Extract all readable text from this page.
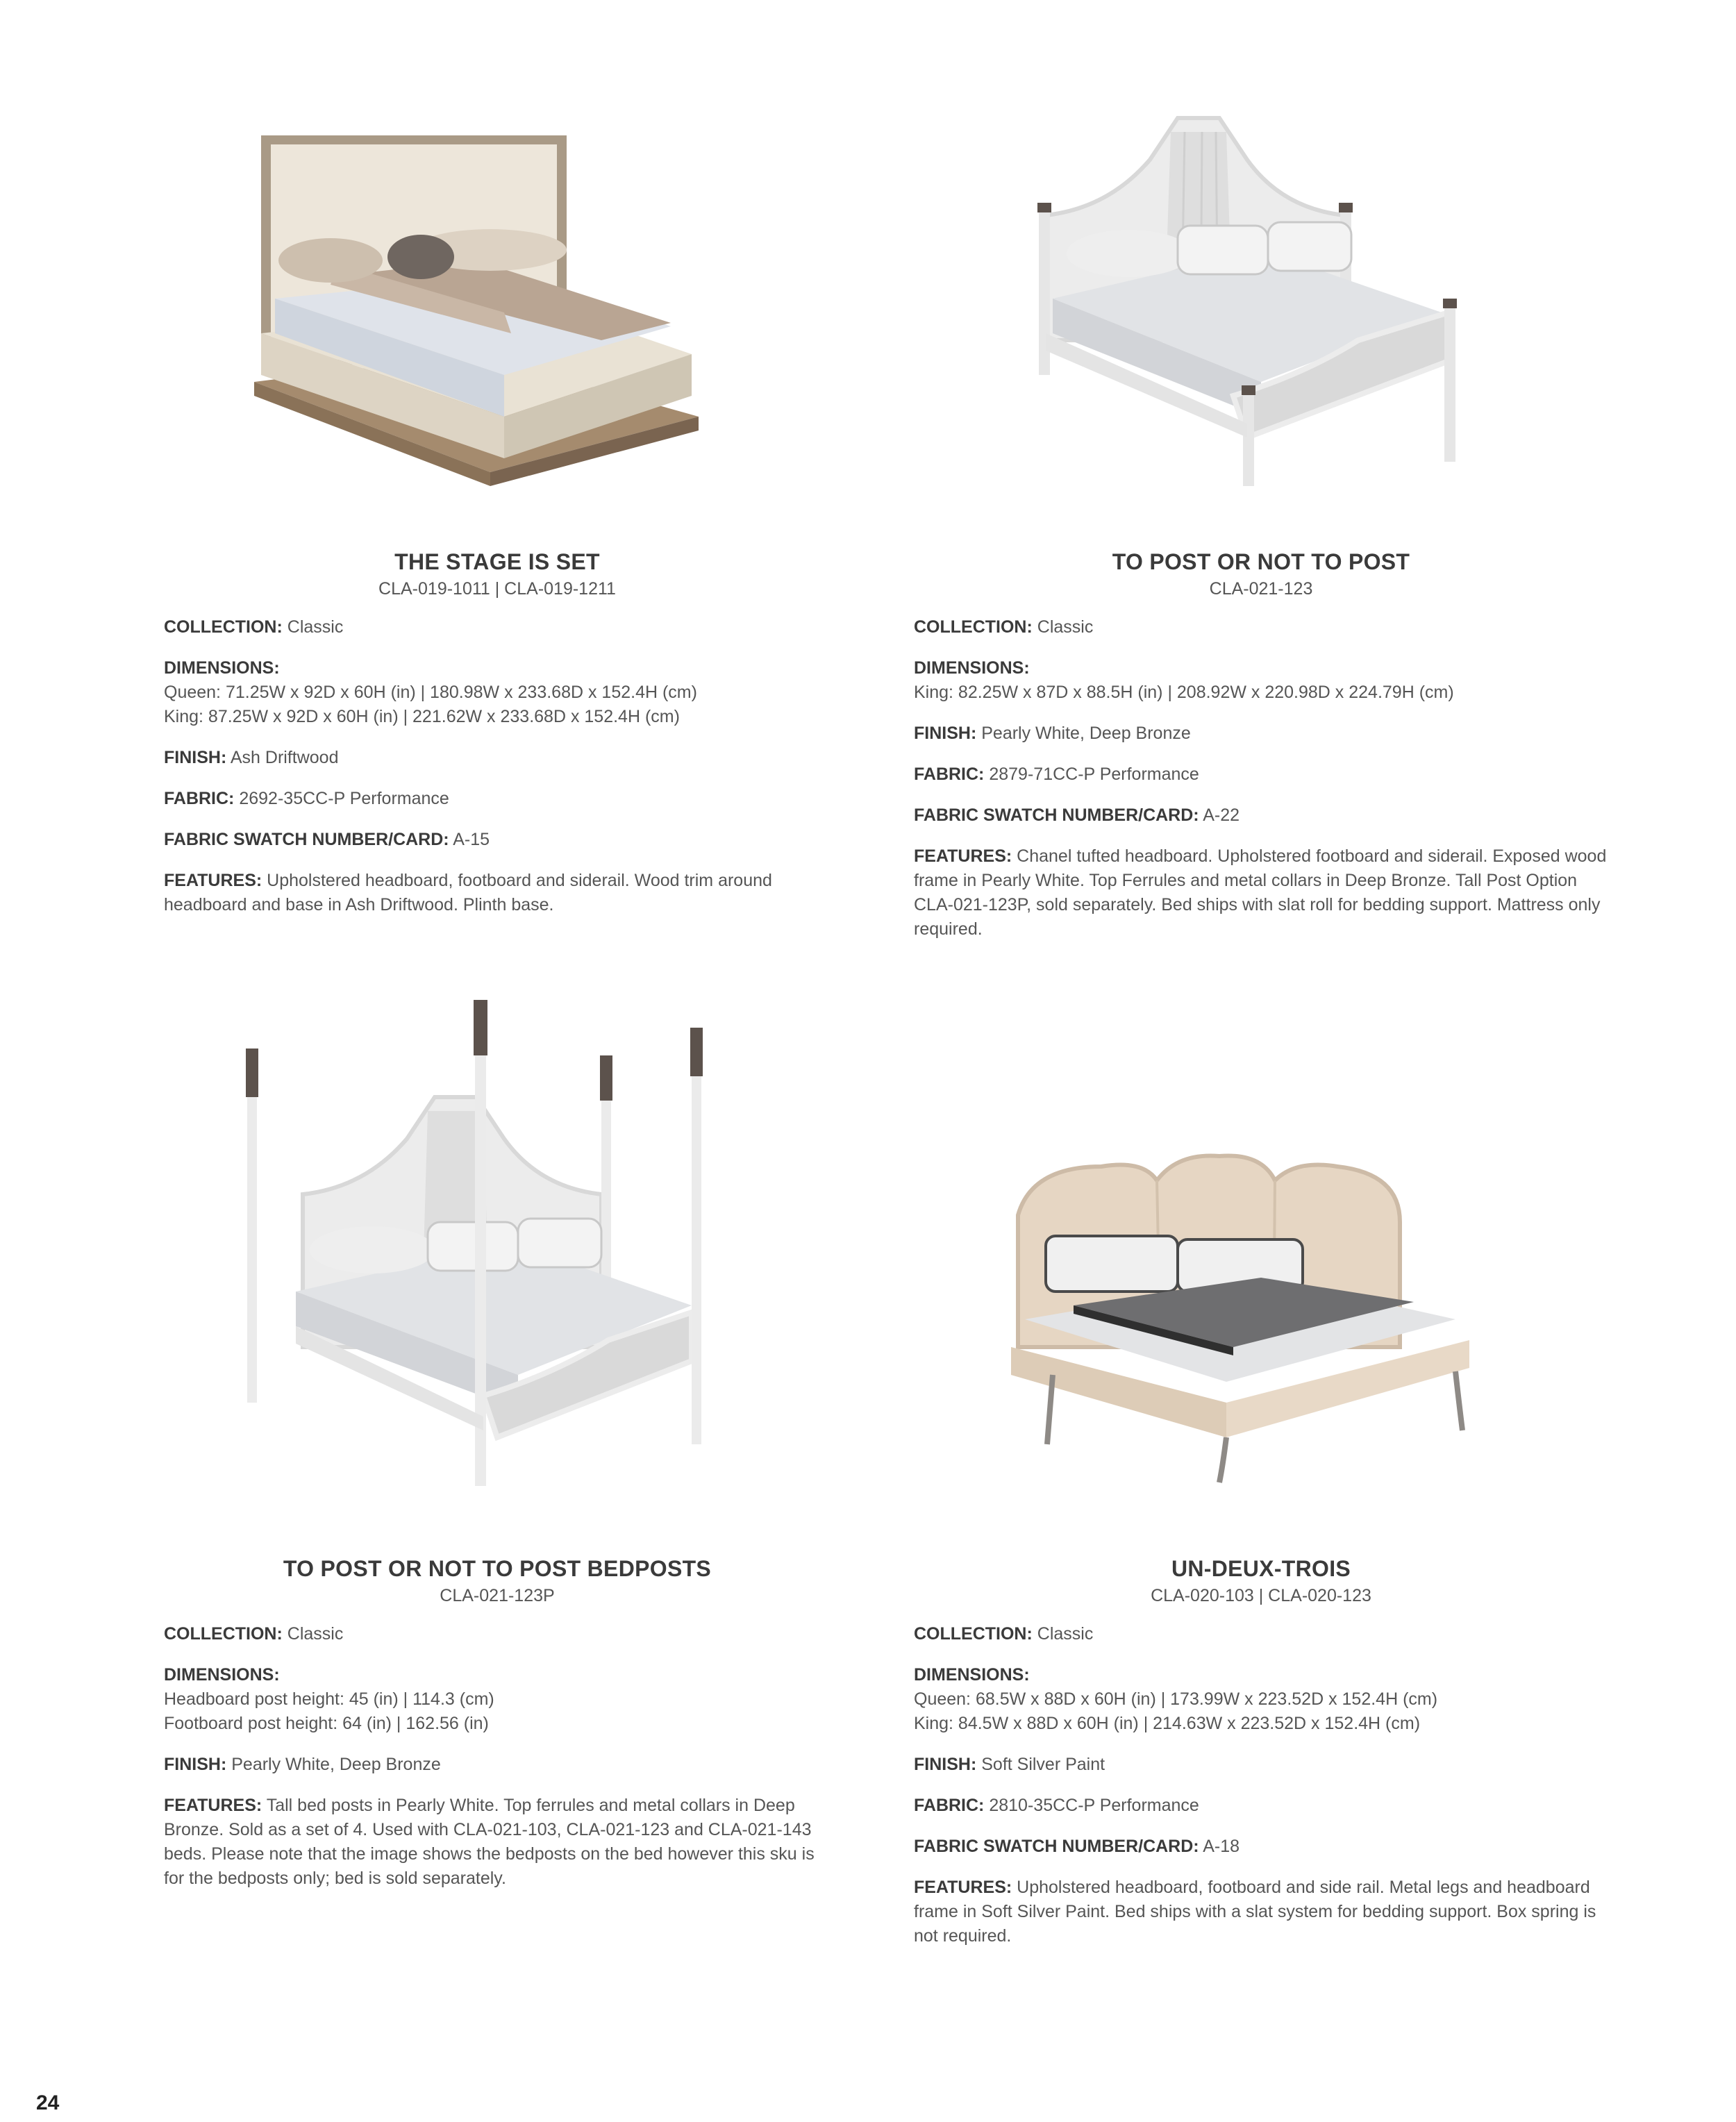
THE STAGE IS SET
CLA-019-1011 | CLA-019-1211
COLLECTION: Classic
DIMENSIONS:
Queen: 71.25W x 92D x 60H (in) | 180.98W x 233.68D x 152.4H (cm)
King: 87.25W x 92D x 60H (in) | 221.62W x 233.68D x 152.4H (cm)
FINISH: Ash Driftwood
FABRIC: 2692-35CC-P Performance
FABRIC SWATCH NUMBER/CARD: A-15
FEATURES: Upholstered headboard, footboard and siderail. Wood trim around headboard and base in Ash Driftwood. Plinth base.
TO POST OR NOT TO POST
CLA-021-123
COLLECTION: Classic
DIMENSIONS:
King: 82.25W x 87D x 88.5H (in) | 208.92W x 220.98D x 224.79H (cm)
FINISH: Pearly White, Deep Bronze
FABRIC: 2879-71CC-P Performance
FABRIC SWATCH NUMBER/CARD: A-22
FEATURES: Chanel tufted headboard. Upholstered footboard and siderail. Exposed wood frame in Pearly White. Top Ferrules and metal collars in Deep Bronze. Tall Post Option CLA-021-123P, sold separately. Bed ships with slat roll for bedding support. Mattress only required.
TO POST OR NOT TO POST BEDPOSTS
CLA-021-123P
COLLECTION: Classic
DIMENSIONS:
Headboard post height: 45 (in) | 114.3 (cm)
Footboard post height: 64 (in) | 162.56 (in)
FINISH: Pearly White, Deep Bronze
FEATURES: Tall bed posts in Pearly White. Top ferrules and metal collars in Deep Bronze. Sold as a set of 4. Used with CLA-021-103, CLA-021-123 and CLA-021-143 beds. Please note that the image shows the bedposts on the bed however this sku is for the bedposts only; bed is sold separately.
UN-DEUX-TROIS
CLA-020-103 | CLA-020-123
COLLECTION: Classic
DIMENSIONS:
Queen: 68.5W x 88D x 60H (in) | 173.99W x 223.52D x 152.4H (cm)
King: 84.5W x 88D x 60H (in) | 214.63W x 223.52D x 152.4H (cm)
FINISH: Soft Silver Paint
FABRIC: 2810-35CC-P Performance
FABRIC SWATCH NUMBER/CARD: A-18
FEATURES: Upholstered headboard, footboard and side rail. Metal legs and headboard frame in Soft Silver Paint. Bed ships with a slat system for bedding support. Box spring is not required.
24
